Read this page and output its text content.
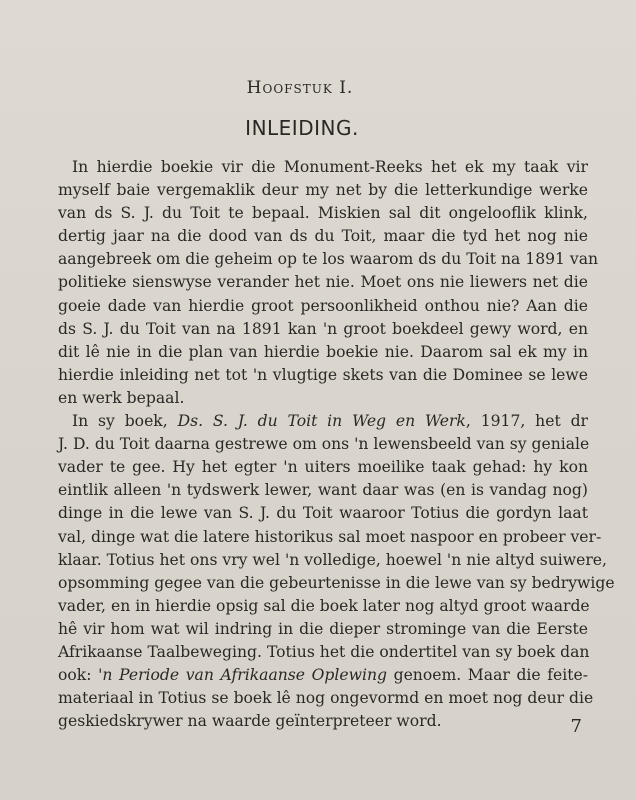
Hoofstuk I.
INLEIDING.
In hierdie boekie vir die Monument-Reeks het ek my taak vir
myself baie vergemaklik deur my net by die letterkundige werke
van ds S. J. du Toit te bepaal. Miskien sal dit ongelooflik klink,
dertig jaar na die dood van ds du Toit, maar die tyd het nog nie
aangebreek om die geheim op te los waarom ds du Toit na 1891 van
politieke sienswyse verander het nie. Moet ons nie liewers net die
goeie dade van hierdie groot persoonlikheid onthou nie? Aan die
ds S. J. du Toit van na 1891 kan 'n groot boekdeel gewy word, en
dit lê nie in die plan van hierdie boekie nie. Daarom sal ek my in
hierdie inleiding net tot 'n vlugtige skets van die Dominee se lewe
en werk bepaal.
In sy boek, Ds. S. J. du Toit in Weg en Werk, 1917, het dr
J. D. du Toit daarna gestrewe om ons 'n lewensbeeld van sy geniale
vader te gee. Hy het egter 'n uiters moeilike taak gehad: hy kon
eintlik alleen 'n tydswerk lewer, want daar was (en is vandag nog)
dinge in die lewe van S. J. du Toit waaroor Totius die gordyn laat
val, dinge wat die latere historikus sal moet naspoor en probeer ver-
klaar. Totius het ons vry wel 'n volledige, hoewel 'n nie altyd suiwere,
opsomming gegee van die gebeurtenisse in die lewe van sy bedrywige
vader, en in hierdie opsig sal die boek later nog altyd groot waarde
hê vir hom wat wil indring in die dieper strominge van die Eerste
Afrikaanse Taalbeweging. Totius het die ondertitel van sy boek dan
ook: 'n Periode van Afrikaanse Oplewing genoem. Maar die feite-
materiaal in Totius se boek lê nog ongevormd en moet nog deur die
geskiedskrywer na waarde geïnterpreteer word.	7
